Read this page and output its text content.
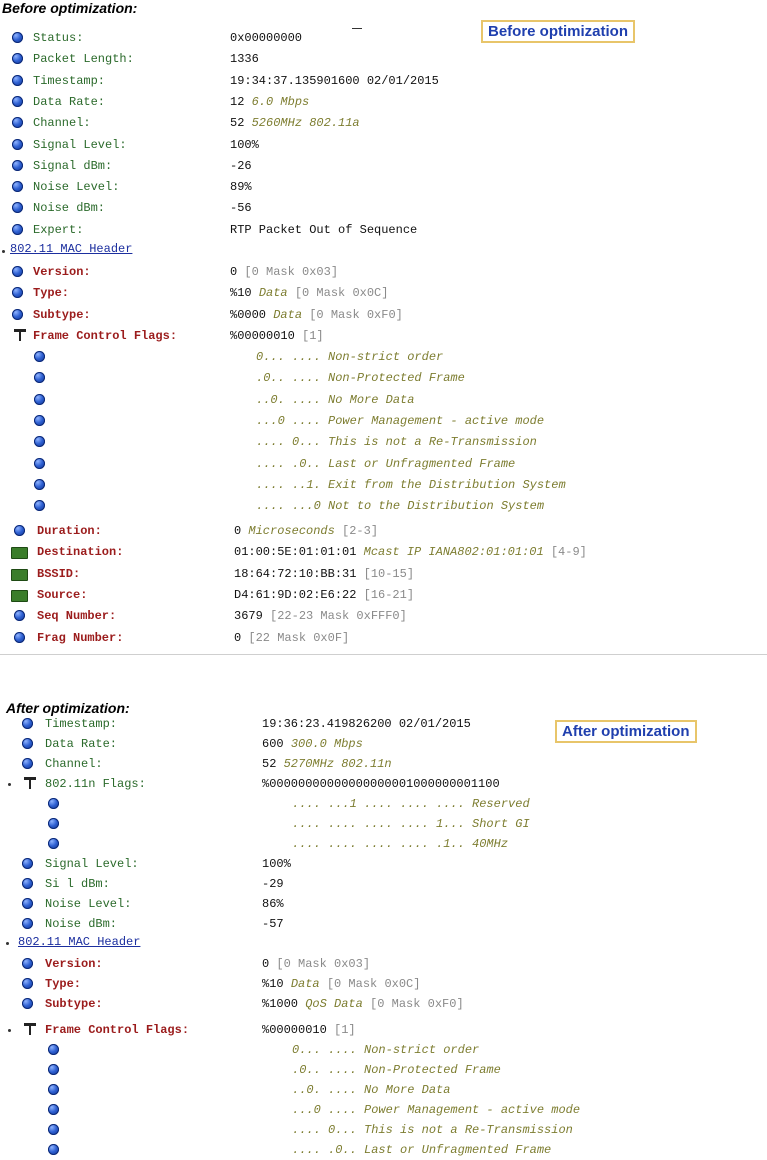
Before optimization:
Before optimization
Status:	0x00000000
Packet Length:	1336
Timestamp:	19:34:37.135901600 02/01/2015
Data Rate:	12 6.0 Mbps
Channel:	52 5260MHz 802.11a
Signal Level:	100%
Signal dBm:	-26
Noise Level:	89%
Noise dBm:	-56
Expert:	RTP Packet Out of Sequence
802.11 MAC Header
Version:	0 [0 Mask 0x03]
Type:	%10 Data [0 Mask 0x0C]
Subtype:	%0000 Data [0 Mask 0xF0]
Frame Control Flags:	%00000010 [1]
0... .... Non-strict order
.0.. .... Non-Protected Frame
..0. .... No More Data
...0 .... Power Management - active mode
.... 0... This is not a Re-Transmission
.... .0.. Last or Unfragmented Frame
.... ..1. Exit from the Distribution System
.... ...0 Not to the Distribution System
Duration:	0 Microseconds [2-3]
Destination:	01:00:5E:01:01:01 Mcast IP IANA802:01:01:01 [4-9]
BSSID:	18:64:72:10:BB:31 [10-15]
Source:	D4:61:9D:02:E6:22 [16-21]
Seq Number:	3679 [22-23 Mask 0xFFF0]
Frag Number:	0 [22 Mask 0x0F]
After optimization:
After optimization
Timestamp:	19:36:23.419826200 02/01/2015
Data Rate:	600 300.0 Mbps
Channel:	52 5270MHz 802.11n
802.11n Flags:	%00000000000000000001000000001100
.... ...1 .... .... .... Reserved
.... .... .... .... 1... Short GI
.... .... .... .... .1.. 40MHz
Signal Level:	100%
Si l dBm:	-29
Noise Level:	86%
Noise dBm:	-57
802.11 MAC Header
Version:	0 [0 Mask 0x03]
Type:	%10 Data [0 Mask 0x0C]
Subtype:	%1000 QoS Data [0 Mask 0xF0]
Frame Control Flags:	%00000010 [1]
0... .... Non-strict order
.0.. .... Non-Protected Frame
..0. .... No More Data
...0 .... Power Management - active mode
.... 0... This is not a Re-Transmission
.... .0.. Last or Unfragmented Frame
